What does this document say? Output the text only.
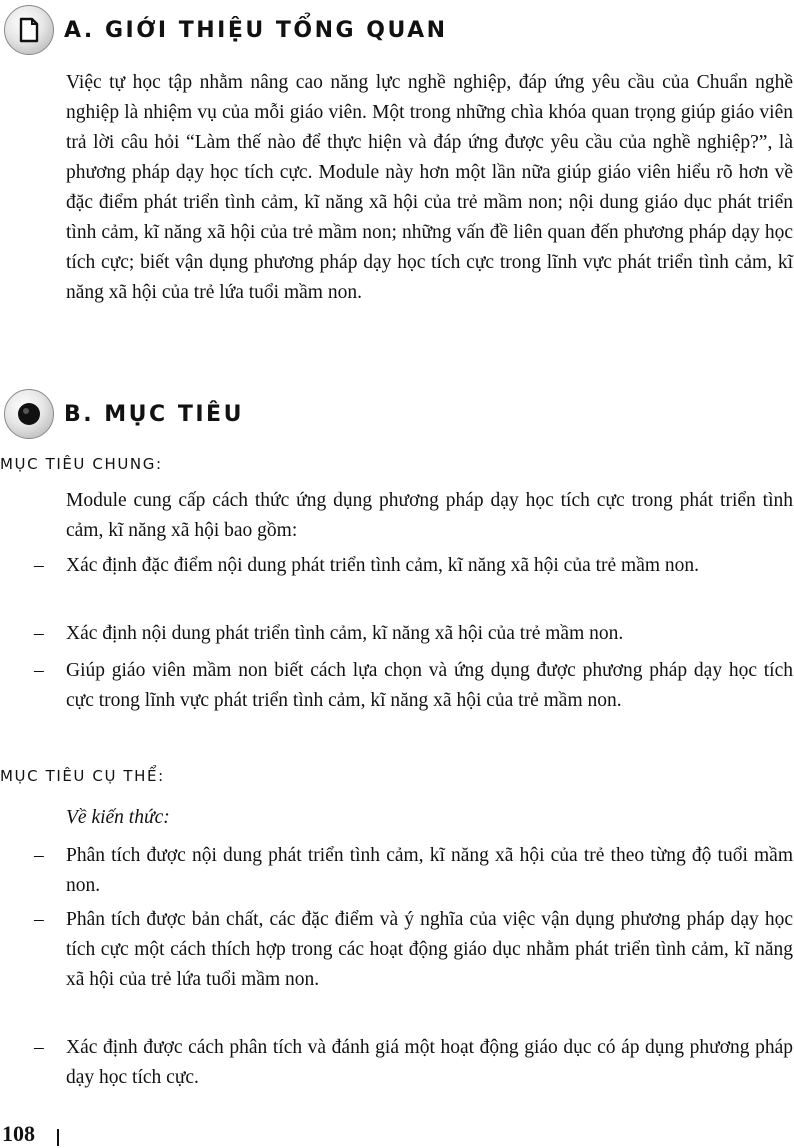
A. GIỚI THIỆU TỔNG QUAN

Việc tự học tập nhằm nâng cao năng lực nghề nghiệp, đáp ứng yêu cầu của Chuẩn nghề nghiệp là nhiệm vụ của mỗi giáo viên. Một trong những chìa khóa quan trọng giúp giáo viên trả lời câu hỏi “Làm thế nào để thực hiện và đáp ứng được yêu cầu của nghề nghiệp?”, là phương pháp dạy học tích cực. Module này hơn một lần nữa giúp giáo viên hiểu rõ hơn về đặc điểm phát triển tình cảm, kĩ năng xã hội của trẻ mầm non; nội dung giáo dục phát triển tình cảm, kĩ năng xã hội của trẻ mầm non; những vấn đề liên quan đến phương pháp dạy học tích cực; biết vận dụng phương pháp dạy học tích cực trong lĩnh vực phát triển tình cảm, kĩ năng xã hội của trẻ lứa tuổi mầm non.

B. MỤC TIÊU
MỤC TIÊU CHUNG:

Module cung cấp cách thức ứng dụng phương pháp dạy học tích cực trong phát triển tình cảm, kĩ năng xã hội bao gồm:

– Xác định đặc điểm nội dung phát triển tình cảm, kĩ năng xã hội của trẻ mầm non.

– Xác định nội dung phát triển tình cảm, kĩ năng xã hội của trẻ mầm non.

– Giúp giáo viên mầm non biết cách lựa chọn và ứng dụng được phương pháp dạy học tích cực trong lĩnh vực phát triển tình cảm, kĩ năng xã hội của trẻ mầm non.

MỤC TIÊU CỤ THỂ:

Về kiến thức:

– Phân tích được nội dung phát triển tình cảm, kĩ năng xã hội của trẻ theo từng độ tuổi mầm non.

– Phân tích được bản chất, các đặc điểm và ý nghĩa của việc vận dụng phương pháp dạy học tích cực một cách thích hợp trong các hoạt động giáo dục nhằm phát triển tình cảm, kĩ năng xã hội của trẻ lứa tuổi mầm non.

– Xác định được cách phân tích và đánh giá một hoạt động giáo dục có áp dụng phương pháp dạy học tích cực.

108
